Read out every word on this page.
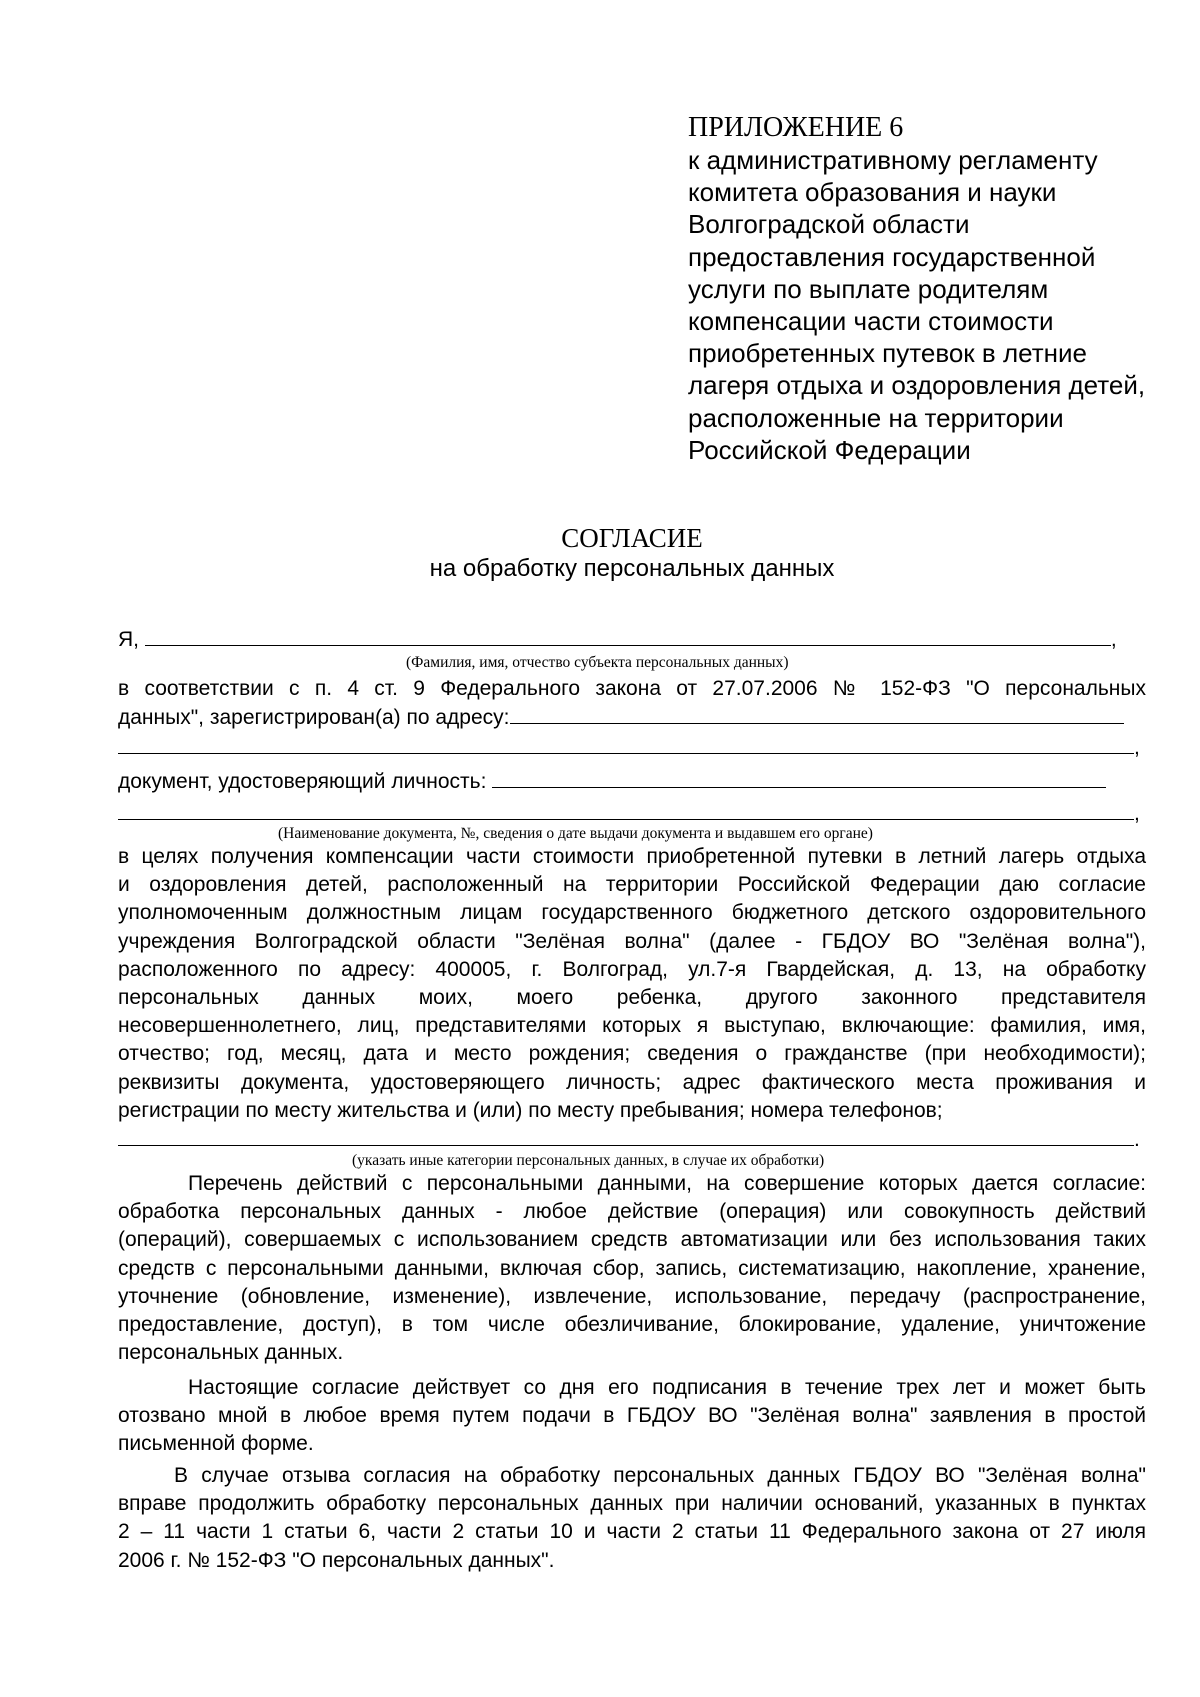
ПРИЛОЖЕНИЕ 6
к административному регламенту
комитета образования и науки
Волгоградской области
предоставления государственной
услуги по выплате родителям
компенсации части стоимости
приобретенных путевок в летние
лагеря отдыха и оздоровления детей,
расположенные на территории
Российской Федерации
СОГЛАСИЕ
на обработку персональных данных
Я,	,
(Фамилия, имя, отчество субъекта персональных данных)
в соответствии с п. 4 ст. 9 Федерального закона от 27.07.2006 № 152-ФЗ "О персональных
данных", зарегистрирован(а) по адресу:
,
документ, удостоверяющий личность:
,
(Наименование документа, №, сведения о дате выдачи документа и выдавшем его органе)
в целях получения компенсации части стоимости приобретенной путевки в летний лагерь отдыха
и оздоровления детей, расположенный на территории Российской Федерации даю согласие
уполномоченным должностным лицам государственного бюджетного детского оздоровительного
учреждения Волгоградской области "Зелёная волна" (далее - ГБДОУ ВО "Зелёная волна"),
расположенного по адресу: 400005, г. Волгоград, ул.7-я Гвардейская, д. 13, на обработку
персональных данных моих, моего ребенка, другого законного представителя
несовершеннолетнего, лиц, представителями которых я выступаю, включающие: фамилия, имя,
отчество; год, месяц, дата и место рождения; сведения о гражданстве (при необходимости);
реквизиты документа, удостоверяющего личность; адрес фактического места проживания и
регистрации по месту жительства и (или) по месту пребывания; номера телефонов;
.
(указать иные категории персональных данных, в случае их обработки)
Перечень действий с персональными данными, на совершение которых дается согласие:
обработка персональных данных - любое действие (операция) или совокупность действий
(операций), совершаемых с использованием средств автоматизации или без использования таких
средств с персональными данными, включая сбор, запись, систематизацию, накопление, хранение,
уточнение (обновление, изменение), извлечение, использование, передачу (распространение,
предоставление, доступ), в том числе обезличивание, блокирование, удаление, уничтожение
персональных данных.
Настоящие согласие действует со дня его подписания в течение трех лет и может быть
отозвано мной в любое время путем подачи в ГБДОУ ВО "Зелёная волна" заявления в простой
письменной форме.
В случае отзыва согласия на обработку персональных данных ГБДОУ ВО "Зелёная волна"
вправе продолжить обработку персональных данных при наличии оснований, указанных в пунктах
2 – 11 части 1 статьи 6, части 2 статьи 10 и части 2 статьи 11 Федерального закона от 27 июля
2006 г. № 152-ФЗ "О персональных данных".
